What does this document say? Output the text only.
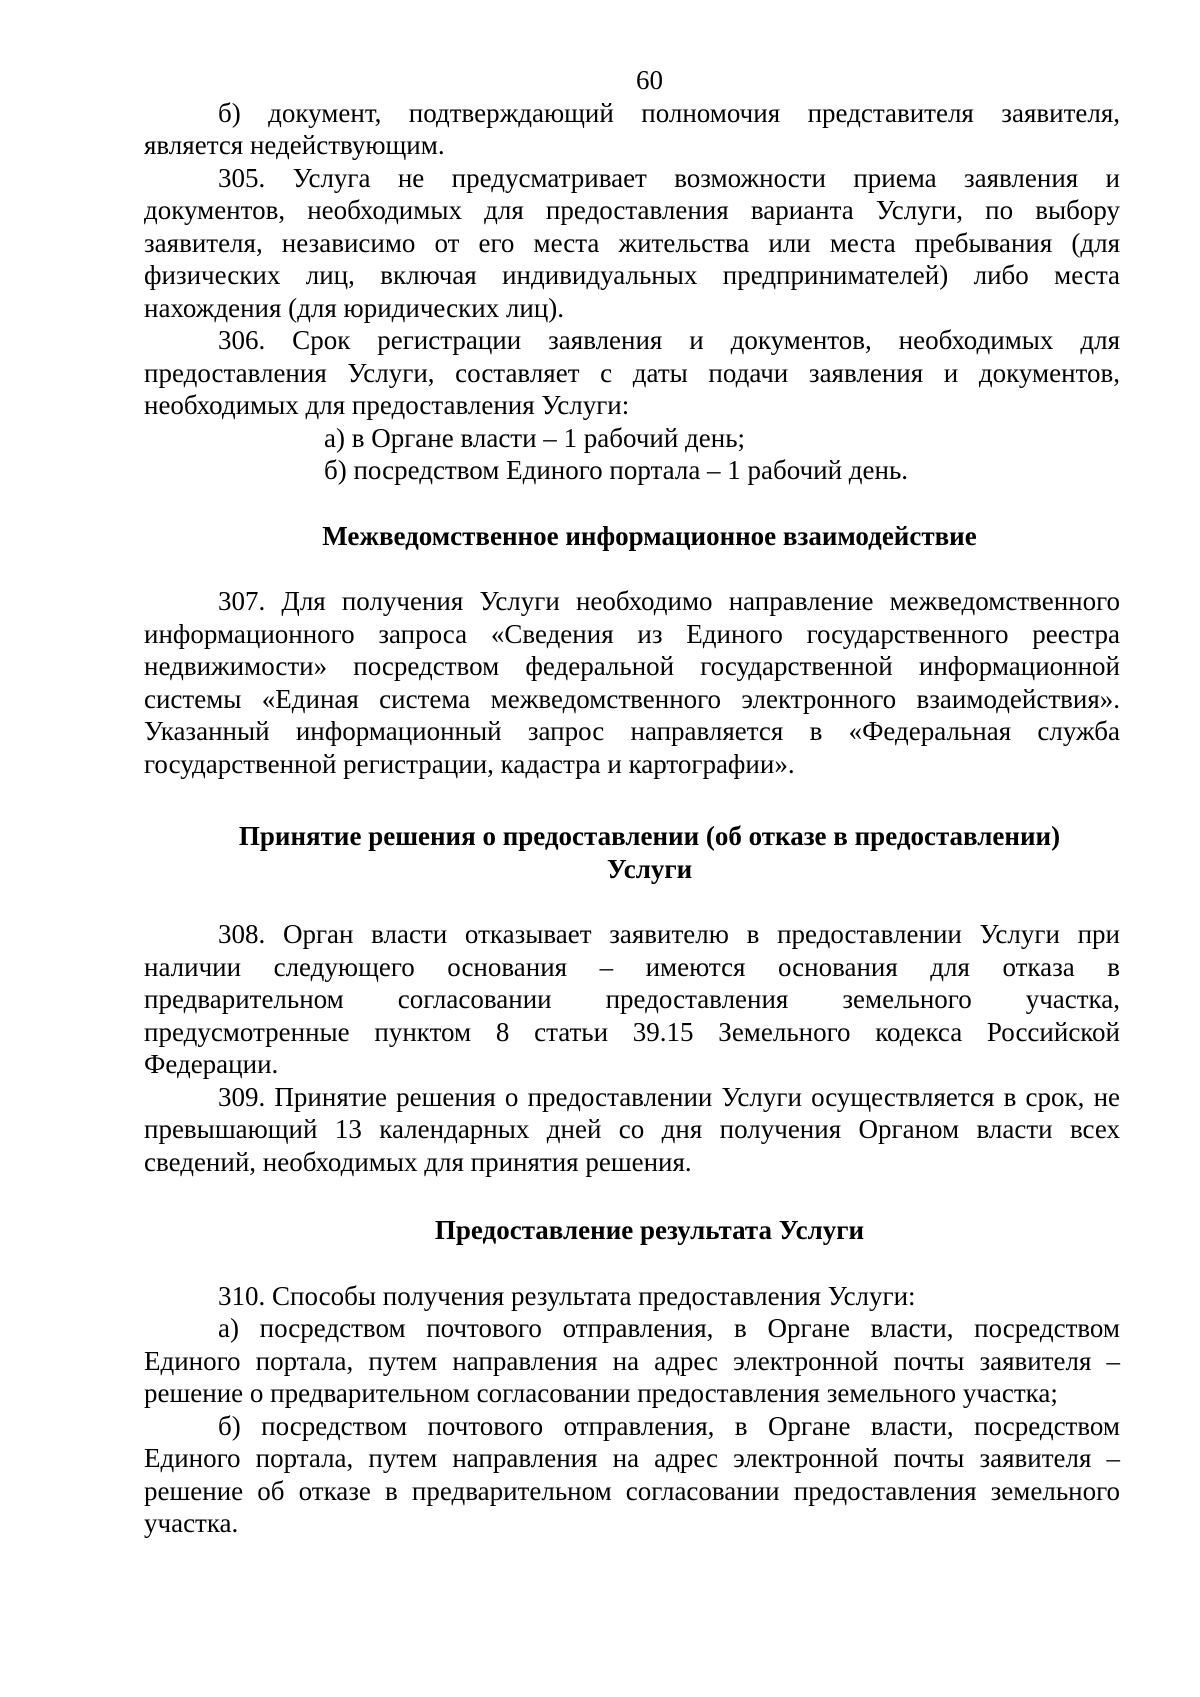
60

б) документ, подтверждающий полномочия представителя заявителя, является недействующим.

305. Услуга не предусматривает возможности приема заявления и документов, необходимых для предоставления варианта Услуги, по выбору заявителя, независимо от его места жительства или места пребывания (для физических лиц, включая индивидуальных предпринимателей) либо места нахождения (для юридических лиц).

306. Срок регистрации заявления и документов, необходимых для предоставления Услуги, составляет с даты подачи заявления и документов, необходимых для предоставления Услуги:

а) в Органе власти – 1 рабочий день;

б) посредством Единого портала – 1 рабочий день.

Межведомственное информационное взаимодействие

307. Для получения Услуги необходимо направление межведомственного информационного запроса «Сведения из Единого государственного реестра недвижимости» посредством федеральной государственной информационной системы «Единая система межведомственного электронного взаимодействия». Указанный информационный запрос направляется в «Федеральная служба государственной регистрации, кадастра и картографии».

Принятие решения о предоставлении (об отказе в предоставлении)

Услуги

308. Орган власти отказывает заявителю в предоставлении Услуги при наличии следующего основания – имеются основания для отказа в предварительном согласовании предоставления земельного участка, предусмотренные пунктом 8 статьи 39.15 Земельного кодекса Российской Федерации.

309. Принятие решения о предоставлении Услуги осуществляется в срок, не превышающий 13 календарных дней со дня получения Органом власти всех сведений, необходимых для принятия решения.

Предоставление результата Услуги

310. Способы получения результата предоставления Услуги:

а) посредством почтового отправления, в Органе власти, посредством Единого портала, путем направления на адрес электронной почты заявителя – решение о предварительном согласовании предоставления земельного участка;

б) посредством почтового отправления, в Органе власти, посредством Единого портала, путем направления на адрес электронной почты заявителя – решение об отказе в предварительном согласовании предоставления земельного участка.
